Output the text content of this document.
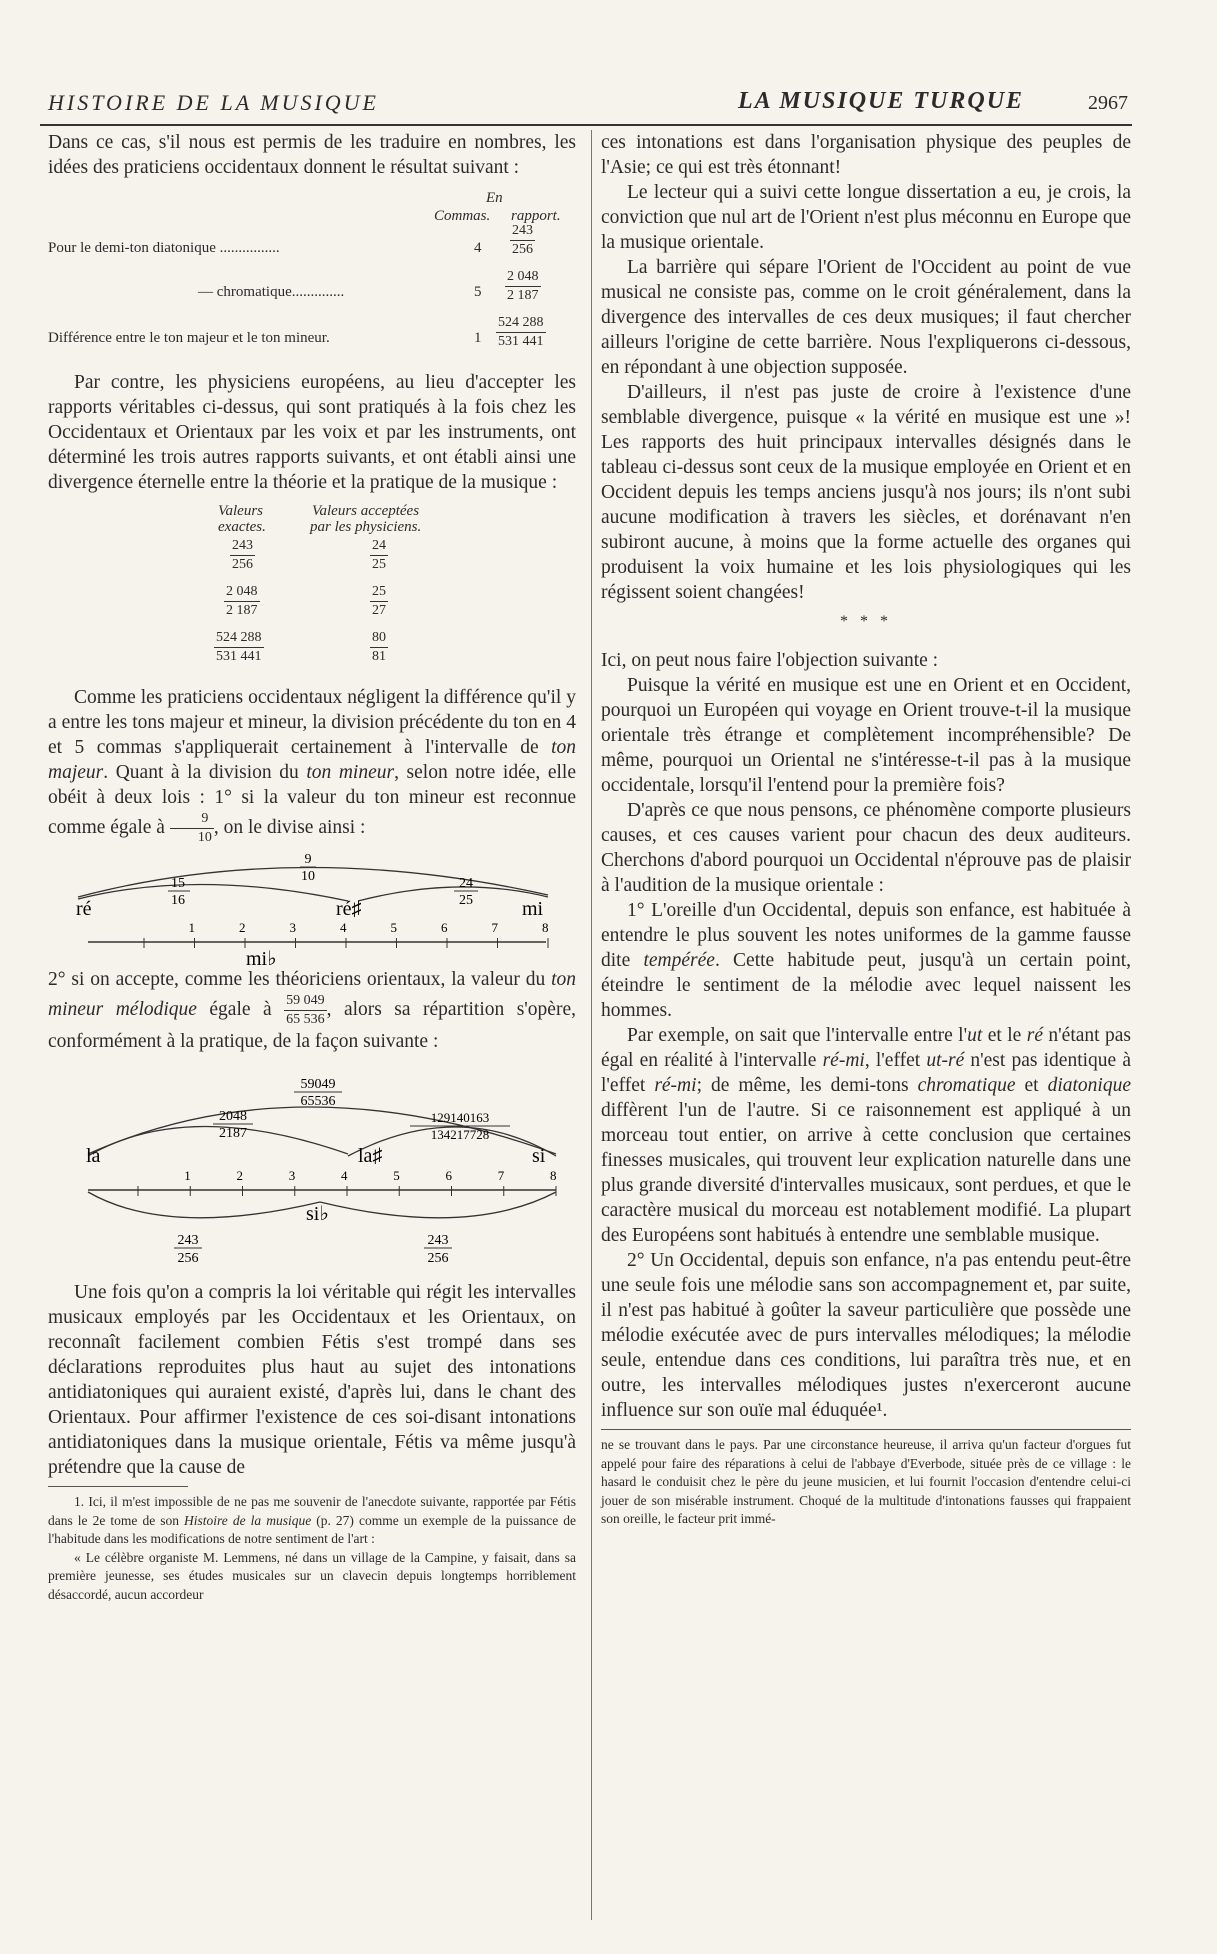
HISTOIRE DE LA MUSIQUE	LA MUSIQUE TURQUE	2967

Dans ce cas, s'il nous est permis de les traduire en nombres, les idées des praticiens occidentaux donnent le résultat suivant :

En
Commas. rapport.
Pour le demi-ton diatonique ................	$4 \frac{243}{256}$
— chromatique..............	$5 \frac{2 048}{2 187}$
Différence entre le ton majeur et le ton mineur.	$1 \frac{524 288}{531 441}$

Par contre, les physiciens européens, au lieu d'accepter les rapports véritables ci-dessus, qui sont pratiqués à la fois chez les Occidentaux et Orientaux par les voix et par les instruments, ont déterminé les trois autres rapports suivants, et ont établi ainsi une divergence éternelle entre la théorie et la pratique de la musique :

Valeurs
exactes.
Valeurs acceptées
par les physiciens.
$\frac{243}{256}$	$\frac{24}{25}$
$\frac{2 048}{2 187}$	$\frac{25}{27}$
$\frac{524 288}{531 441}$	$\frac{80}{81}$

Comme les praticiens occidentaux négligent la différence qu'il y a entre les tons majeur et mineur, la division précédente du ton en 4 et 5 commas s'appliquerait certainement à l'intervalle de ton majeur. Quant à la division du ton mineur, selon notre idée, elle obéit à deux lois : 1° si la valeur du ton mineur est reconnue comme égale à $\frac{9}{10}$ , on le divise ainsi :

9
10
15
16
24
25
ré	ré♯	mi
1	2	3	4	5	6	7	8
mi♭

2° si on accepte, comme les théoriciens orientaux, la valeur du ton mineur mélodique égale à $\frac{59 049}{65 536}$ , alors sa répartition s'opère, conformément à la pratique, de la façon suivante :

59049
65536
2048
2187
129140163
134217728
la	la♯	si
1	2	3	4	5	6	7	8
si♭
243
256
243
256

Une fois qu'on a compris la loi véritable qui régit les intervalles musicaux employés par les Occidentaux et les Orientaux, on reconnaît facilement combien Fétis s'est trompé dans ses déclarations reproduites plus haut au sujet des intonations antidiatoniques qui auraient existé, d'après lui, dans le chant des Orientaux. Pour affirmer l'existence de ces soi-disant intonations antidiatoniques dans la musique orientale, Fétis va même jusqu'à prétendre que la cause de

1. Ici, il m'est impossible de ne pas me souvenir de l'anecdote suivante, rapportée par Fétis dans le 2e tome de son Histoire de la musique (p. 27) comme un exemple de la puissance de l'habitude dans les modifications de notre sentiment de l'art :

« Le célèbre organiste M. Lemmens, né dans un village de la Campine, y faisait, dans sa première jeunesse, ses études musicales sur un clavecin depuis longtemps horriblement désaccordé, aucun accordeur

ces intonations est dans l'organisation physique des peuples de l'Asie; ce qui est très étonnant!

Le lecteur qui a suivi cette longue dissertation a eu, je crois, la conviction que nul art de l'Orient n'est plus méconnu en Europe que la musique orientale.

La barrière qui sépare l'Orient de l'Occident au point de vue musical ne consiste pas, comme on le croit généralement, dans la divergence des intervalles de ces deux musiques; il faut chercher ailleurs l'origine de cette barrière. Nous l'expliquerons ci-dessous, en répondant à une objection supposée.

D'ailleurs, il n'est pas juste de croire à l'existence d'une semblable divergence, puisque « la vérité en musique est une »! Les rapports des huit principaux intervalles désignés dans le tableau ci-dessus sont ceux de la musique employée en Orient et en Occident depuis les temps anciens jusqu'à nos jours; ils n'ont subi aucune modification à travers les siècles, et dorénavant n'en subiront aucune, à moins que la forme actuelle des organes qui produisent la voix humaine et les lois physiologiques qui les régissent soient changées!

* * *

Ici, on peut nous faire l'objection suivante :

Puisque la vérité en musique est une en Orient et en Occident, pourquoi un Européen qui voyage en Orient trouve-t-il la musique orientale très étrange et complètement incompréhensible? De même, pourquoi un Oriental ne s'intéresse-t-il pas à la musique occidentale, lorsqu'il l'entend pour la première fois?

D'après ce que nous pensons, ce phénomène comporte plusieurs causes, et ces causes varient pour chacun des deux auditeurs. Cherchons d'abord pourquoi un Occidental n'éprouve pas de plaisir à l'audition de la musique orientale :

1° L'oreille d'un Occidental, depuis son enfance, est habituée à entendre le plus souvent les notes uniformes de la gamme fausse dite tempérée. Cette habitude peut, jusqu'à un certain point, éteindre le sentiment de la mélodie avec lequel naissent les hommes.

Par exemple, on sait que l'intervalle entre l'ut et le ré n'étant pas égal en réalité à l'intervalle ré-mi, l'effet ut-ré n'est pas identique à l'effet ré-mi; de même, les demi-tons chromatique et diatonique diffèrent l'un de l'autre. Si ce raisonnement est appliqué à un morceau tout entier, on arrive à cette conclusion que certaines finesses musicales, qui trouvent leur explication naturelle dans une plus grande diversité d'intervalles musicaux, sont perdues, et que le caractère musical du morceau est notablement modifié. La plupart des Européens sont habitués à entendre une semblable musique.

2° Un Occidental, depuis son enfance, n'a pas entendu peut-être une seule fois une mélodie sans son accompagnement et, par suite, il n'est pas habitué à goûter la saveur particulière que possède une mélodie exécutée avec de purs intervalles mélodiques; la mélodie seule, entendue dans ces conditions, lui paraîtra très nue, et en outre, les intervalles mélodiques justes n'exerceront aucune influence sur son ouïe mal éduquée¹.

ne se trouvant dans le pays. Par une circonstance heureuse, il arriva qu'un facteur d'orgues fut appelé pour faire des réparations à celui de l'abbaye d'Everbode, située près de ce village : le hasard le conduisit chez le père du jeune musicien, et lui fournit l'occasion d'entendre celui-ci jouer de son misérable instrument. Choqué de la multitude d'intonations fausses qui frappaient son oreille, le facteur prit immé-
